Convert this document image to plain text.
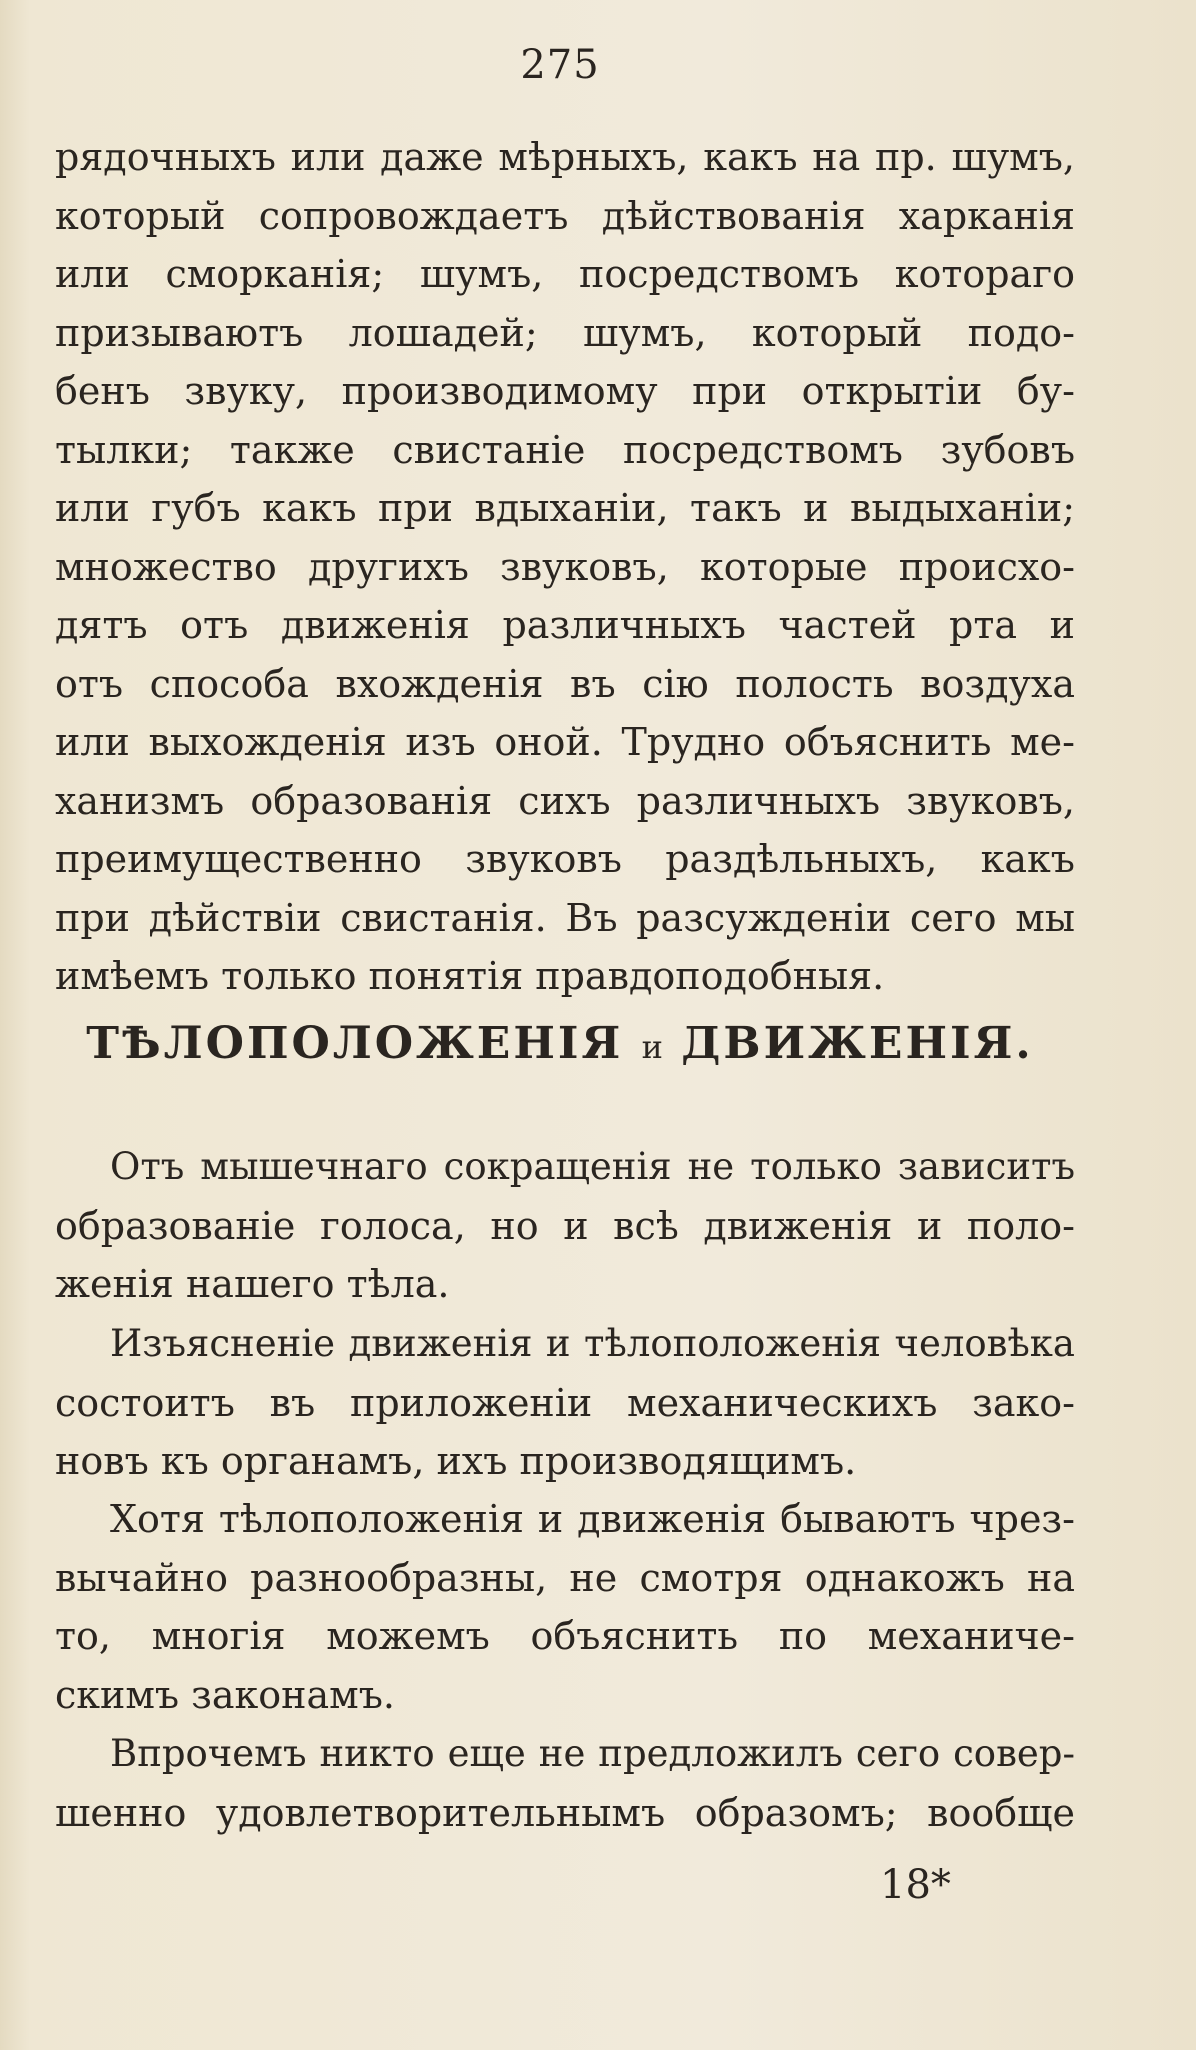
275
рядочныхъ или даже мѣрныхъ, какъ на пр. шумъ,
который сопровождаетъ дѣйствованія харканія
или сморканія; шумъ, посредствомъ котораго
призываютъ лошадей; шумъ, который подо-
бенъ звуку, производимому при открытіи бу-
тылки; также свистаніе посредствомъ зубовъ
или губъ какъ при вдыханіи, такъ и выдыханіи;
множество другихъ звуковъ, которые происхо-
дятъ отъ движенія различныхъ частей рта и
отъ способа вхожденія въ сію полость воздуха
или выхожденія изъ оной. Трудно объяснить ме-
ханизмъ образованія сихъ различныхъ звуковъ,
преимущественно звуковъ раздѣльныхъ, какъ
при дѣйствіи свистанія. Въ разсужденіи сего мы
имѣемъ только понятія правдоподобныя.
ТѢЛОПОЛОЖЕНІЯ и ДВИЖЕНІЯ.
Отъ мышечнаго сокращенія не только зависитъ
образованіе голоса, но и всѣ движенія и поло-
женія нашего тѣла.
Изъясненіе движенія и тѣлоположенія человѣка
состоитъ въ приложеніи механическихъ зако-
новъ къ органамъ, ихъ производящимъ.
Хотя тѣлоположенія и движенія бываютъ чрез-
вычайно разнообразны, не смотря однакожъ на
то, многія можемъ объяснить по механиче-
скимъ законамъ.
Впрочемъ никто еще не предложилъ сего совер-
шенно удовлетворительнымъ образомъ; вообще
18*
